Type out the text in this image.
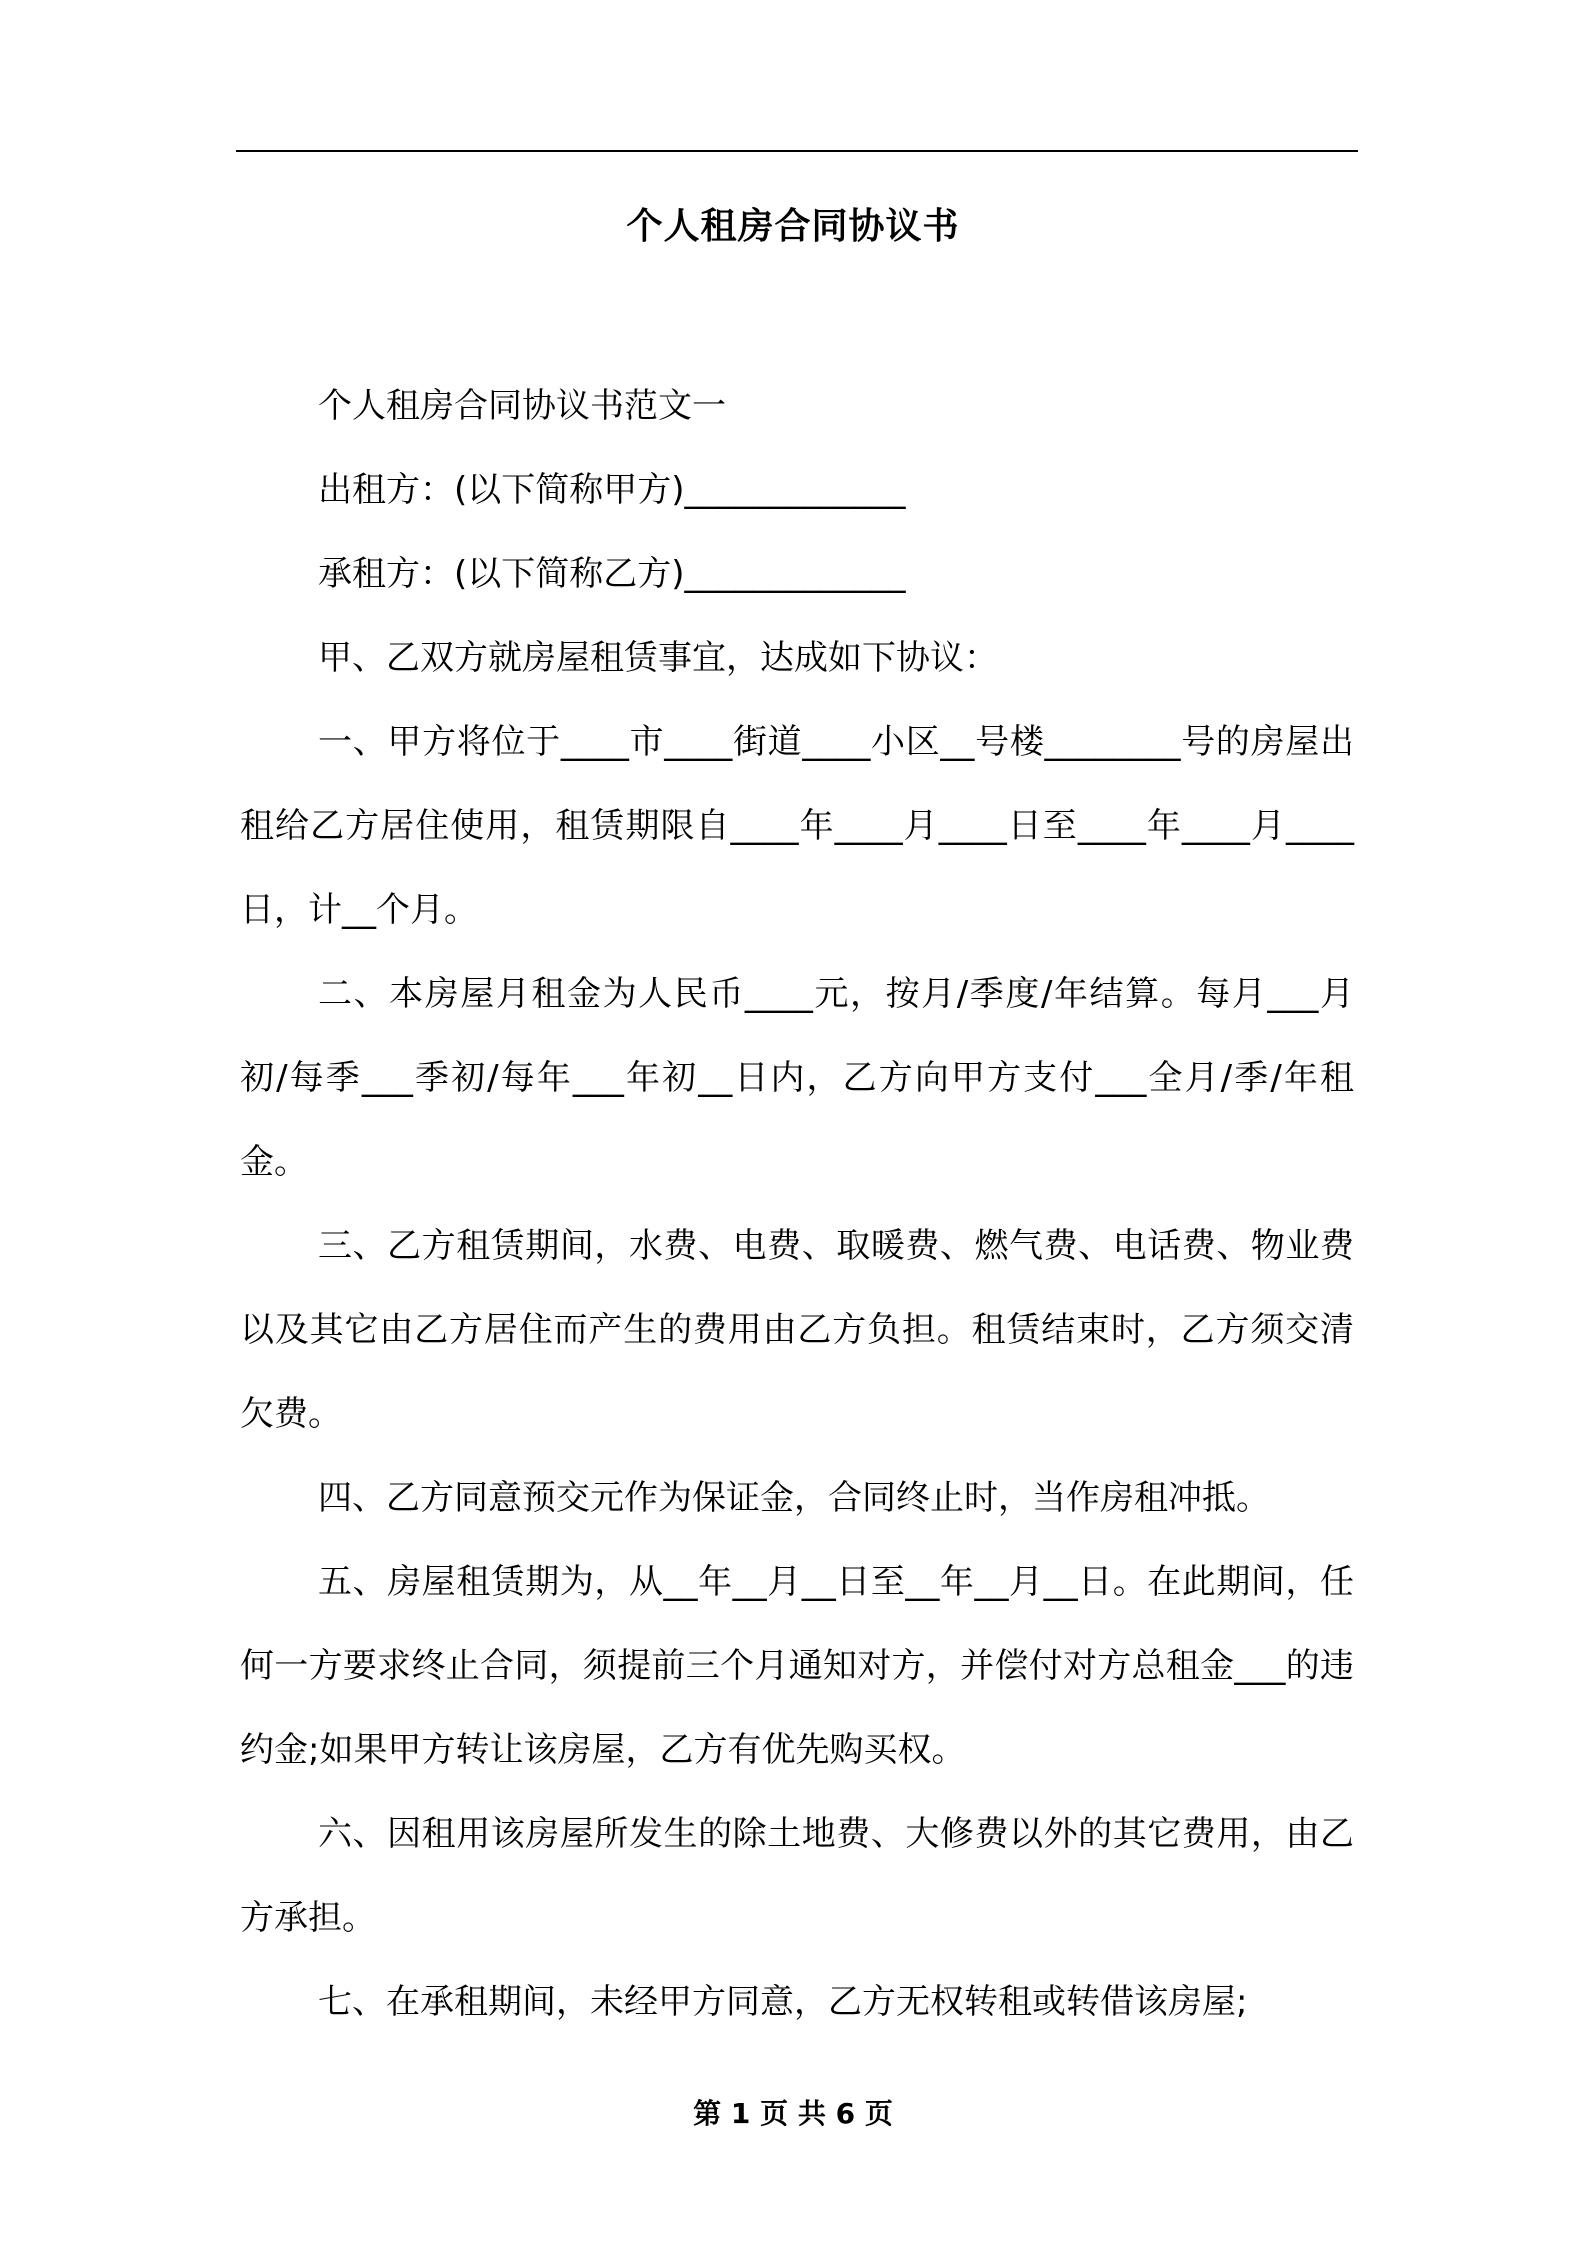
个人租房合同协议书

个人租房合同协议书范文一

出租方：(以下简称甲方)_____________

承租方：(以下简称乙方)_____________

甲、乙双方就房屋租赁事宜，达成如下协议：

一、甲方将位于____市____街道____小区__号楼________号的房屋出租给乙方居住使用，租赁期限自____年____月____日至____年____月____日，计__个月。

二、本房屋月租金为人民币____元，按月/季度/年结算。每月___月初/每季___季初/每年___年初__日内，乙方向甲方支付___全月/季/年租金。

三、乙方租赁期间，水费、电费、取暖费、燃气费、电话费、物业费以及其它由乙方居住而产生的费用由乙方负担。租赁结束时，乙方须交清欠费。

四、乙方同意预交元作为保证金，合同终止时，当作房租冲抵。

五、房屋租赁期为，从__年__月__日至__年__月__日。在此期间，任何一方要求终止合同，须提前三个月通知对方，并偿付对方总租金___的违约金;如果甲方转让该房屋，乙方有优先购买权。

六、因租用该房屋所发生的除土地费、大修费以外的其它费用，由乙方承担。

七、在承租期间，未经甲方同意，乙方无权转租或转借该房屋;

第 1 页 共 6 页
